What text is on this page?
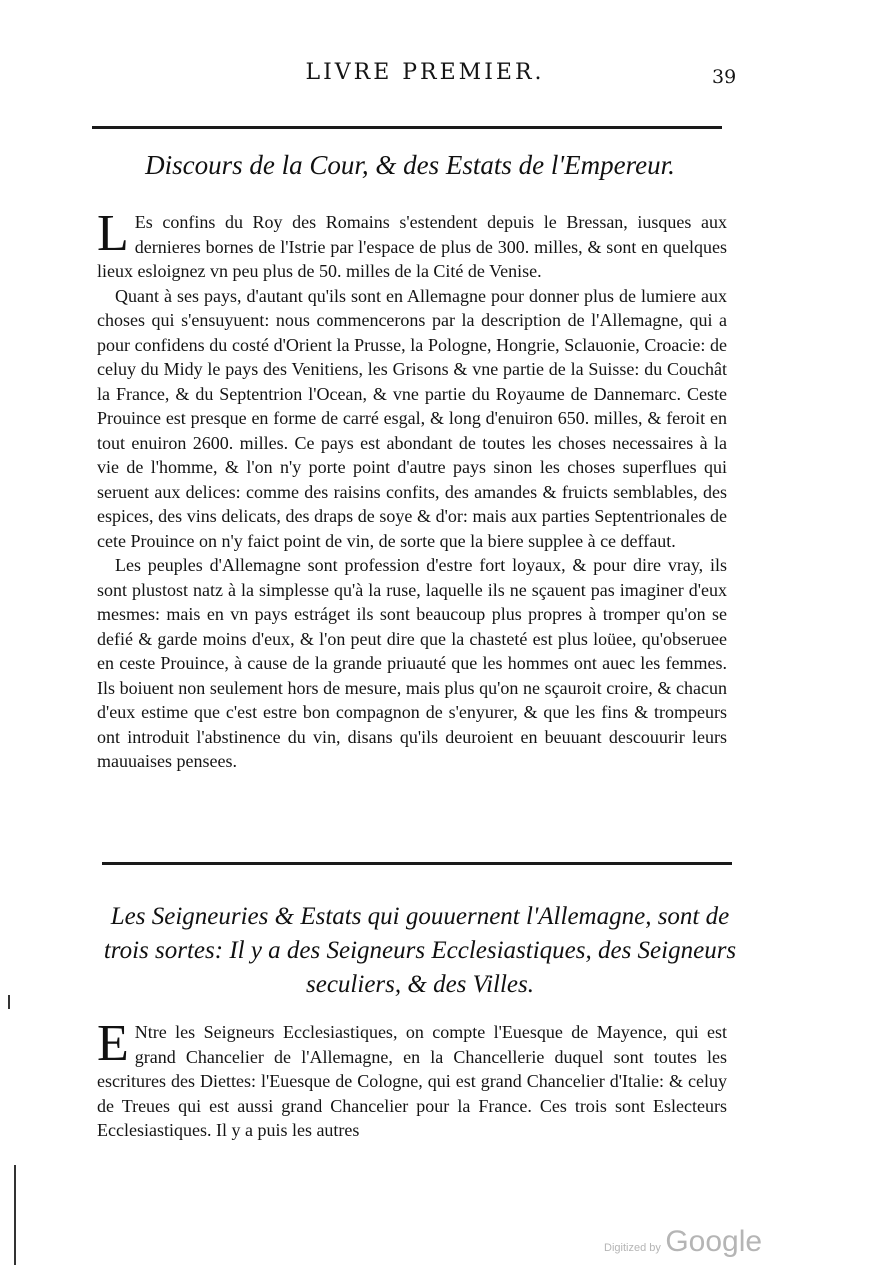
LIVRE PREMIER.	39
Discours de la Cour, & des Estats de l'Empereur.

L Es confins du Roy des Romains s'estendent depuis le Bressan, iusques aux dernieres bornes de l'Istrie par l'espace de plus de 300. milles, & sont en quelques lieux esloignez vn peu plus de 50. milles de la Cité de Venise.

Quant à ses pays, d'autant qu'ils sont en Allemagne pour donner plus de lumiere aux choses qui s'ensuyuent: nous commencerons par la description de l'Allemagne, qui a pour confidens du costé d'Orient la Prusse, la Pologne, Hongrie, Sclauonie, Croacie: de celuy du Midy le pays des Venitiens, les Grisons & vne partie de la Suisse: du Couchât la France, & du Septentrion l'Ocean, & vne partie du Royaume de Dannemarc. Ceste Prouince est presque en forme de carré esgal, & long d'enuiron 650. milles, & feroit en tout enuiron 2600. milles. Ce pays est abondant de toutes les choses necessaires à la vie de l'homme, & l'on n'y porte point d'autre pays sinon les choses superflues qui seruent aux delices: comme des raisins confits, des amandes & fruicts semblables, des espices, des vins delicats, des draps de soye & d'or: mais aux parties Septentrionales de cete Prouince on n'y faict point de vin, de sorte que la biere supplee à ce deffaut.

Les peuples d'Allemagne sont profession d'estre fort loyaux, & pour dire vray, ils sont plustost natz à la simplesse qu'à la ruse, laquelle ils ne sçauent pas imaginer d'eux mesmes: mais en vn pays estráget ils sont beaucoup plus propres à tromper qu'on se defié & garde moins d'eux, & l'on peut dire que la chasteté est plus loüee, qu'obseruee en ceste Prouince, à cause de la grande priuauté que les hommes ont auec les femmes. Ils boiuent non seulement hors de mesure, mais plus qu'on ne sçauroit croire, & chacun d'eux estime que c'est estre bon compagnon de s'enyurer, & que les fins & trompeurs ont introduit l'abstinence du vin, disans qu'ils deuroient en beuuant descouurir leurs mauuaises pensees.

Les Seigneuries & Estats qui gouuernent l'Allemagne, sont de trois sortes: Il y a des Seigneurs Ecclesiastiques, des Seigneurs seculiers, & des Villes.

E Ntre les Seigneurs Ecclesiastiques, on compte l'Euesque de Mayence, qui est grand Chancelier de l'Allemagne, en la Chancellerie duquel sont toutes les escritures des Diettes: l'Euesque de Cologne, qui est grand Chancelier d'Italie: & celuy de Treues qui est aussi grand Chancelier pour la France. Ces trois sont Eslecteurs Ecclesiastiques. Il y a puis les autres

Digitized by Google
